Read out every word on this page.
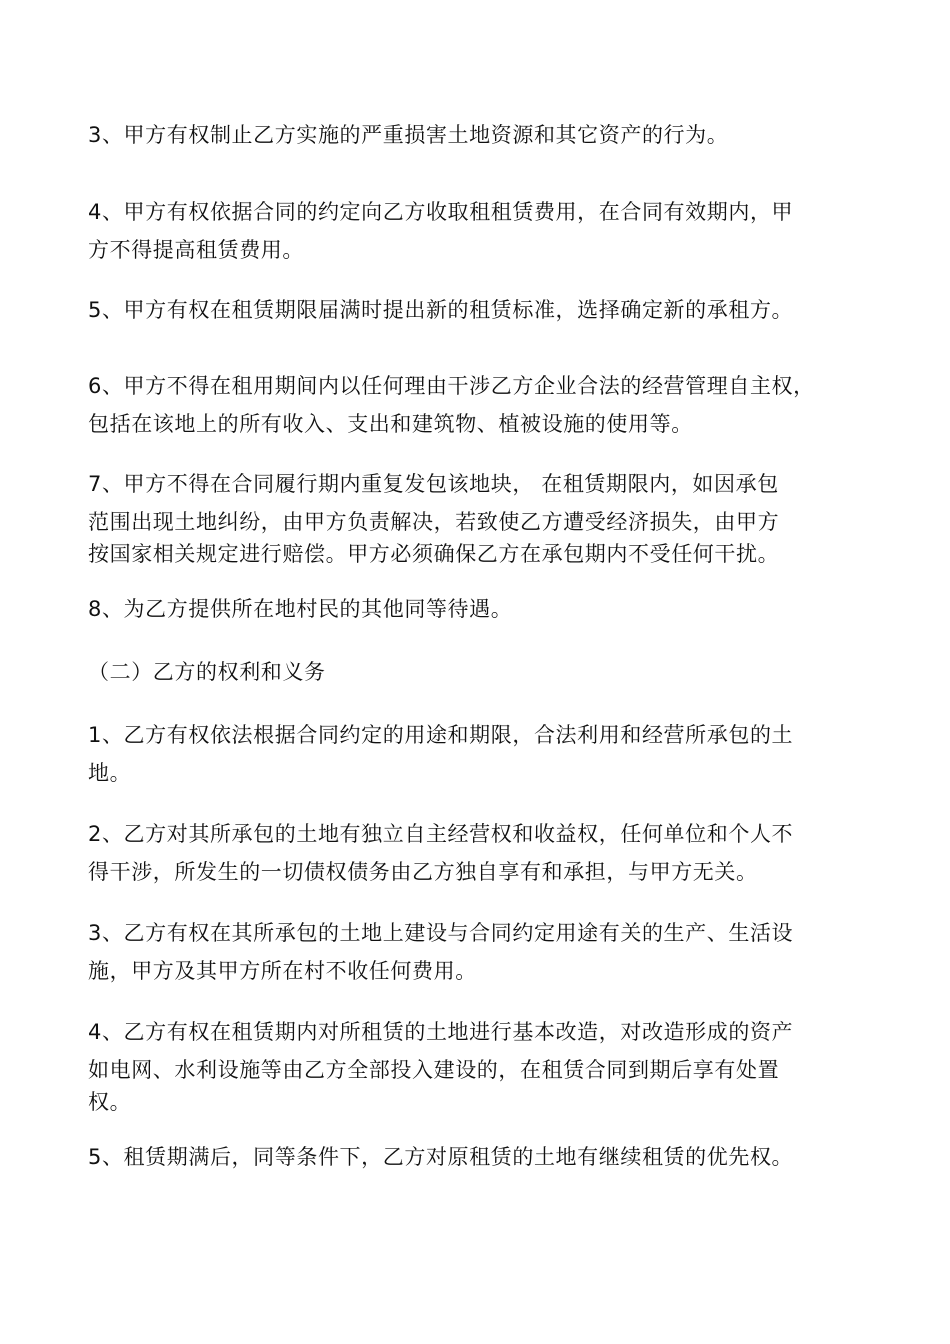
3、甲方有权制止乙方实施的严重损害土地资源和其它资产的行为。
4、甲方有权依据合同的约定向乙方收取租租赁费用，在合同有效期内，甲
方不得提高租赁费用。
5、甲方有权在租赁期限届满时提出新的租赁标准，选择确定新的承租方。
6、甲方不得在租用期间内以任何理由干涉乙方企业合法的经营管理自主权，
包括在该地上的所有收入、支出和建筑物、植被设施的使用等。
7、甲方不得在合同履行期内重复发包该地块， 在租赁期限内，如因承包
范围出现土地纠纷，由甲方负责解决，若致使乙方遭受经济损失，由甲方
按国家相关规定进行赔偿。甲方必须确保乙方在承包期内不受任何干扰。
8、为乙方提供所在地村民的其他同等待遇。
（二）乙方的权利和义务
1、乙方有权依法根据合同约定的用途和期限，合法利用和经营所承包的土
地。
2、乙方对其所承包的土地有独立自主经营权和收益权，任何单位和个人不
得干涉，所发生的一切债权债务由乙方独自享有和承担，与甲方无关。
3、乙方有权在其所承包的土地上建设与合同约定用途有关的生产、生活设
施，甲方及其甲方所在村不收任何费用。
4、乙方有权在租赁期内对所租赁的土地进行基本改造，对改造形成的资产
如电网、水利设施等由乙方全部投入建设的，在租赁合同到期后享有处置
权。
5、租赁期满后，同等条件下，乙方对原租赁的土地有继续租赁的优先权。
